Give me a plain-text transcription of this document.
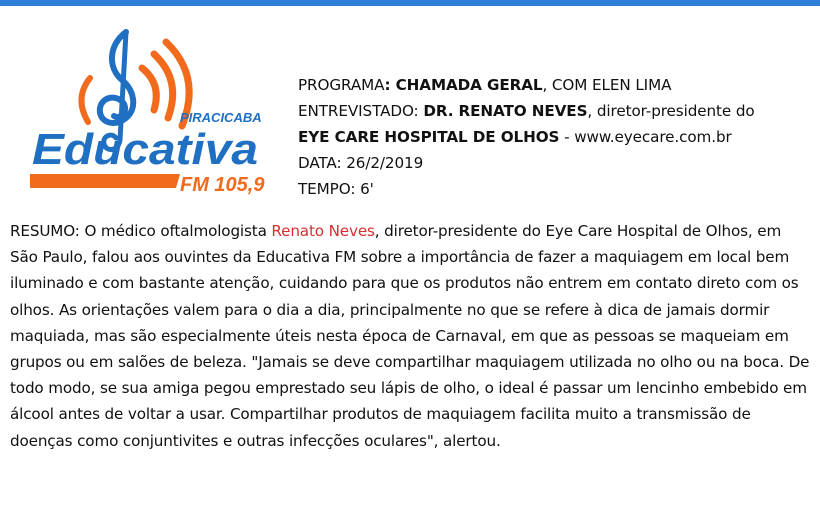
PIRACICABA
Educativa
FM 105,9
PROGRAMA: CHAMADA GERAL, COM ELEN LIMA
ENTREVISTADO: DR. RENATO NEVES, diretor-presidente do
EYE CARE HOSPITAL DE OLHOS - www.eyecare.com.br
DATA: 26/2/2019
TEMPO: 6'
RESUMO: O médico oftalmologista Renato Neves, diretor-presidente do Eye Care Hospital de Olhos, em São Paulo, falou aos ouvintes da Educativa FM sobre a importância de fazer a maquiagem em local bem iluminado e com bastante atenção, cuidando para que os produtos não entrem em contato direto com os olhos. As orientações valem para o dia a dia, principalmente no que se refere à dica de jamais dormir maquiada, mas são especialmente úteis nesta época de Carnaval, em que as pessoas se maqueiam em grupos ou em salões de beleza. "Jamais se deve compartilhar maquiagem utilizada no olho ou na boca. De todo modo, se sua amiga pegou emprestado seu lápis de olho, o ideal é passar um lencinho embebido em álcool antes de voltar a usar. Compartilhar produtos de maquiagem facilita muito a transmissão de doenças como conjuntivites e outras infecções oculares", alertou.
